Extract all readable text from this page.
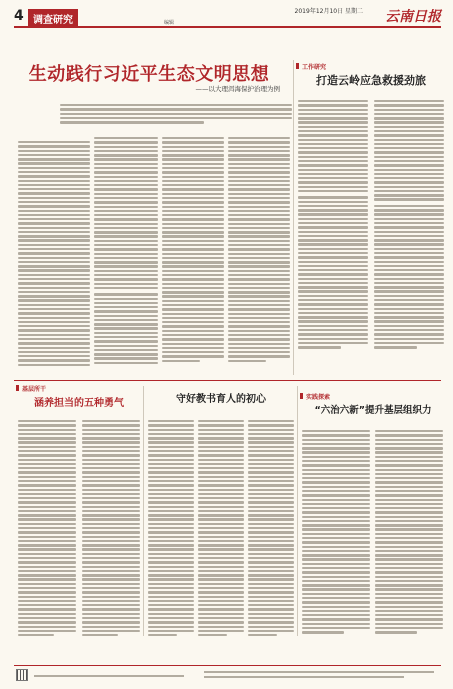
4 调查研究	编辑
2019年12月10日 星期二 云南日报
生动践行习近平生态文明思想
——以大理洱海保护治理为例
工作研究
打造云岭应急救援劲旅
基层所干
涵养担当的五种勇气	守好教书育人的初心	实践探索
“六治六新”提升基层组织力
